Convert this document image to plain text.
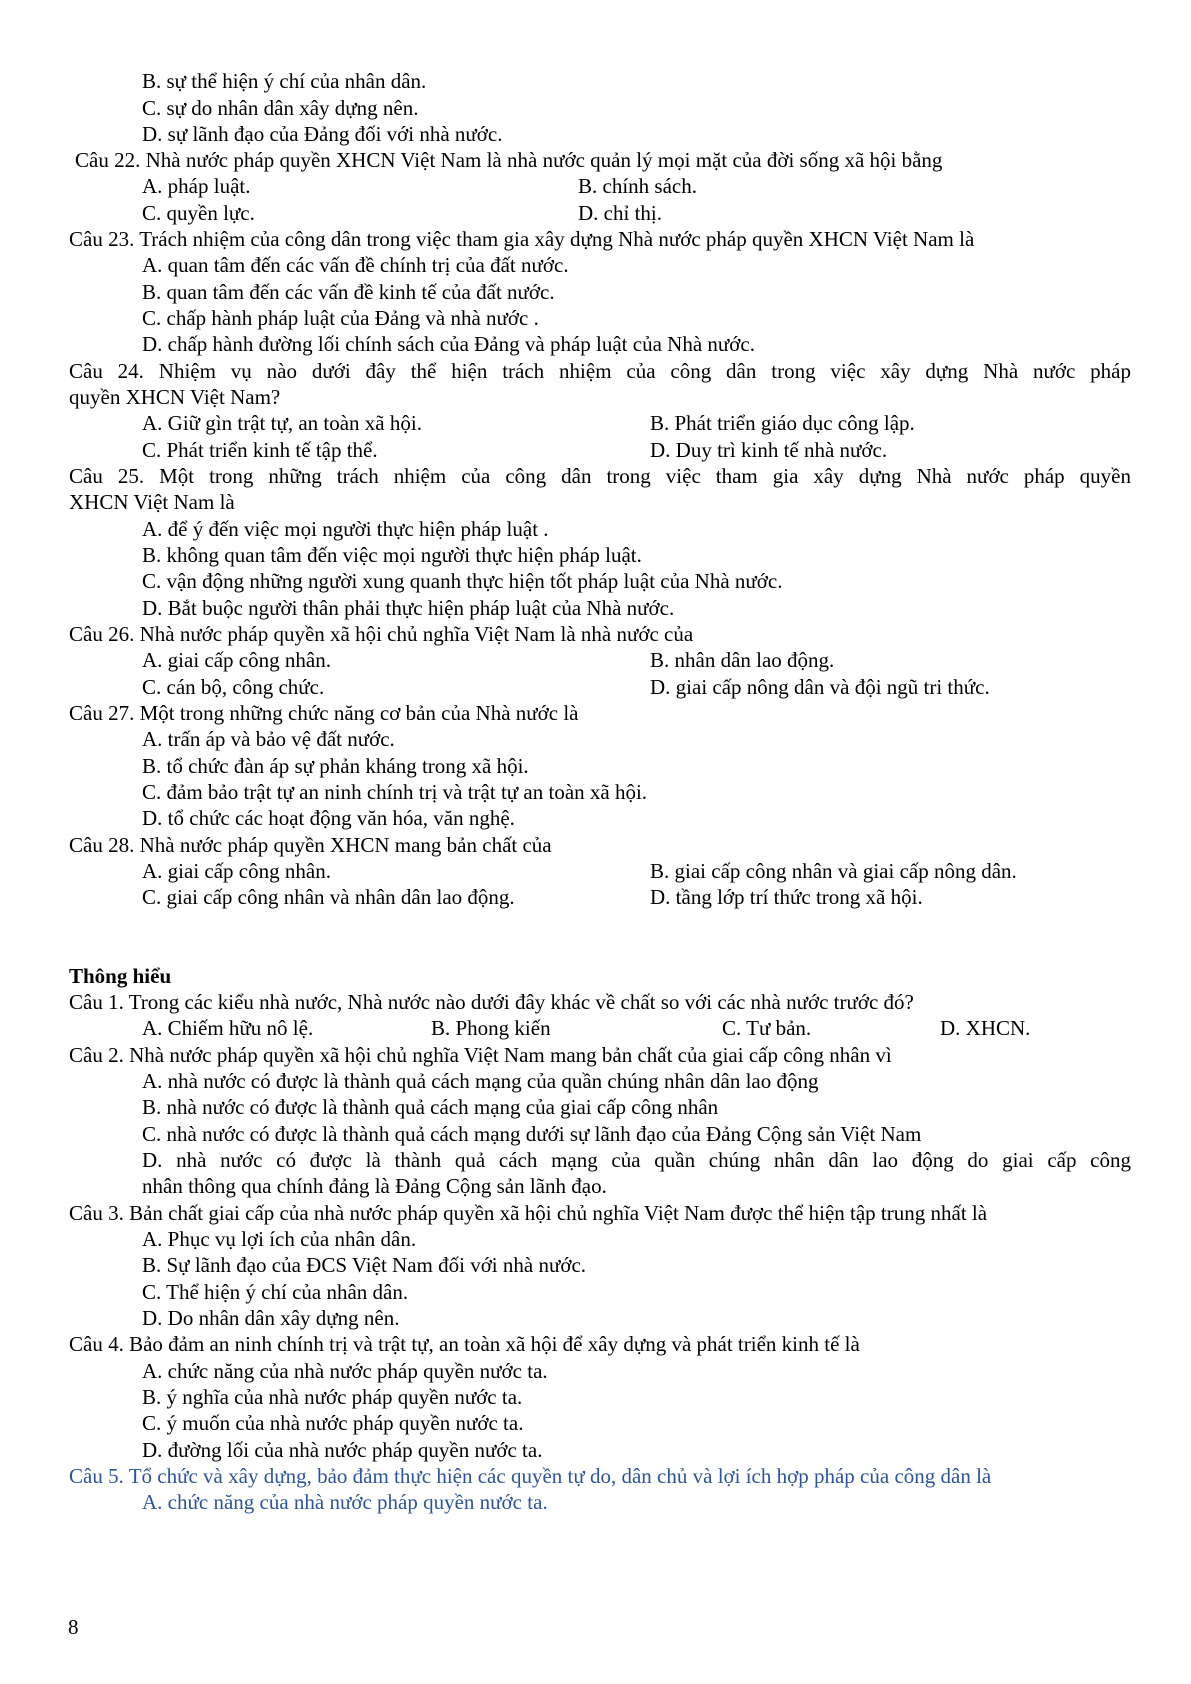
B. sự thể hiện ý chí của nhân dân.
C. sự do nhân dân xây dựng nên.
D. sự lãnh đạo của Đảng đối với nhà nước.
Câu 22. Nhà nước pháp quyền XHCN Việt Nam là nhà nước quản lý mọi mặt của đời sống xã hội bằng
A. pháp luật.	B. chính sách.
C. quyền lực.	D. chỉ thị.
Câu 23. Trách nhiệm của công dân trong việc tham gia xây dựng Nhà nước pháp quyền XHCN Việt Nam là
A. quan tâm đến các vấn đề chính trị của đất nước.
B. quan tâm đến các vấn đề kinh tế của đất nước.
C. chấp hành pháp luật của Đảng và nhà nước .
D. chấp hành đường lối chính sách của Đảng và pháp luật của Nhà nước.
Câu 24. Nhiệm vụ nào dưới đây thể hiện trách nhiệm của công dân trong việc xây dựng Nhà nước pháp
quyền XHCN Việt Nam?
A. Giữ gìn trật tự, an toàn xã hội.	B. Phát triển giáo dục công lập.
C. Phát triển kinh tế tập thể.	D. Duy trì kinh tế nhà nước.
Câu 25. Một trong những trách nhiệm của công dân trong việc tham gia xây dựng Nhà nước pháp quyền
XHCN Việt Nam là
A. để ý đến việc mọi người thực hiện pháp luật .
B. không quan tâm đến việc mọi người thực hiện pháp luật.
C. vận động những người xung quanh thực hiện tốt pháp luật của Nhà nước.
D. Bắt buộc người thân phải thực hiện pháp luật của Nhà nước.
Câu 26. Nhà nước pháp quyền xã hội chủ nghĩa Việt Nam là nhà nước của
A. giai cấp công nhân.	B. nhân dân lao động.
C. cán bộ, công chức.	D. giai cấp nông dân và đội ngũ tri thức.
Câu 27. Một trong những chức năng cơ bản của Nhà nước là
A. trấn áp và bảo vệ đất nước.
B. tổ chức đàn áp sự phản kháng trong xã hội.
C. đảm bảo trật tự an ninh chính trị và trật tự an toàn xã hội.
D. tổ chức các hoạt động văn hóa, văn nghệ.
Câu 28. Nhà nước pháp quyền XHCN mang bản chất của
A. giai cấp công nhân.	B. giai cấp công nhân và giai cấp nông dân.
C. giai cấp công nhân và nhân dân lao động.	D. tầng lớp trí thức trong xã hội.
Thông hiểu
Câu 1. Trong các kiểu nhà nước, Nhà nước nào dưới đây khác về chất so với các nhà nước trước đó?
A. Chiếm hữu nô lệ.	B. Phong kiến	C. Tư bản.	D. XHCN.
Câu 2. Nhà nước pháp quyền xã hội chủ nghĩa Việt Nam mang bản chất của giai cấp công nhân vì
A. nhà nước có được là thành quả cách mạng của quần chúng nhân dân lao động
B. nhà nước có được là thành quả cách mạng của giai cấp công nhân
C. nhà nước có được là thành quả cách mạng dưới sự lãnh đạo của Đảng Cộng sản Việt Nam
D. nhà nước có được là thành quả cách mạng của quần chúng nhân dân lao động do giai cấp công
nhân thông qua chính đảng là Đảng Cộng sản lãnh đạo.
Câu 3. Bản chất giai cấp của nhà nước pháp quyền xã hội chủ nghĩa Việt Nam được thể hiện tập trung nhất là
A. Phục vụ lợi ích của nhân dân.
B. Sự lãnh đạo của ĐCS Việt Nam đối với nhà nước.
C. Thể hiện ý chí của nhân dân.
D. Do nhân dân xây dựng nên.
Câu 4. Bảo đảm an ninh chính trị và trật tự, an toàn xã hội để xây dựng và phát triển kinh tế là
A. chức năng của nhà nước pháp quyền nước ta.
B. ý nghĩa của nhà nước pháp quyền nước ta.
C. ý muốn của nhà nước pháp quyền nước ta.
D. đường lối của nhà nước pháp quyền nước ta.
Câu 5. Tổ chức và xây dựng, bảo đảm thực hiện các quyền tự do, dân chủ và lợi ích hợp pháp của công dân là
A. chức năng của nhà nước pháp quyền nước ta.
8
